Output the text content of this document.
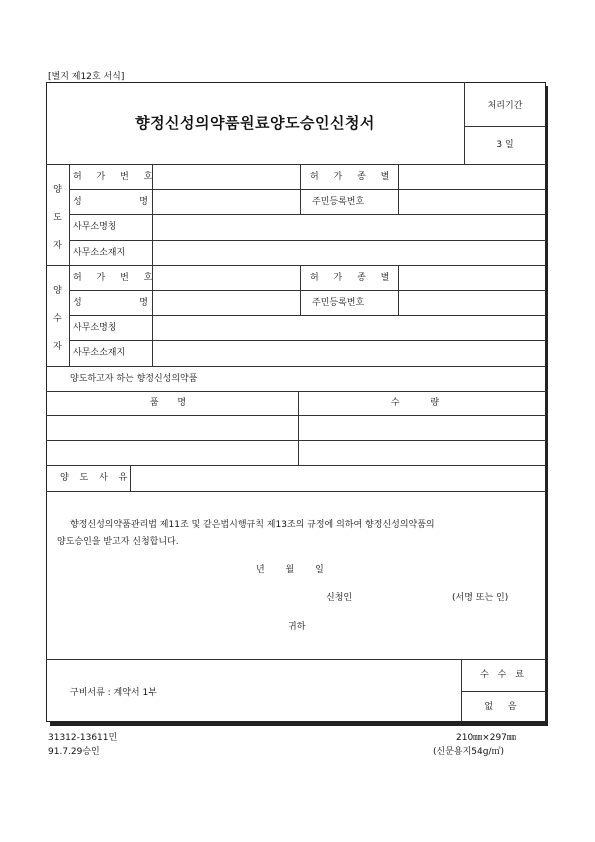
[별지 제12호 서식]
향정신성의약품원료양도승인신청서
처리기간
3 일
양
도
자
허 가 번 호	허 가 종 별
성 명	주민등록번호
사무소명칭
사무소소재지
양
수
자
허 가 번 호	허 가 종 별
성 명	주민등록번호
사무소명칭
사무소소재지
양도하고자 하는 향정신성의약품
품 명	수 량
양 도 사 유
향정신성의약품관리법 제11조 및 같은법시행규칙 제13조의 규정에 의하여 향정신성의약품의
양도승인을 받고자 신청합니다.
년 월 일
신청인	(서명 또는 인)
귀하
구비서류 : 계약서 1부
수 수 료
없 음
31312-13611민
91.7.29승인
210㎜×297㎜
(신문용지54g/㎡)
